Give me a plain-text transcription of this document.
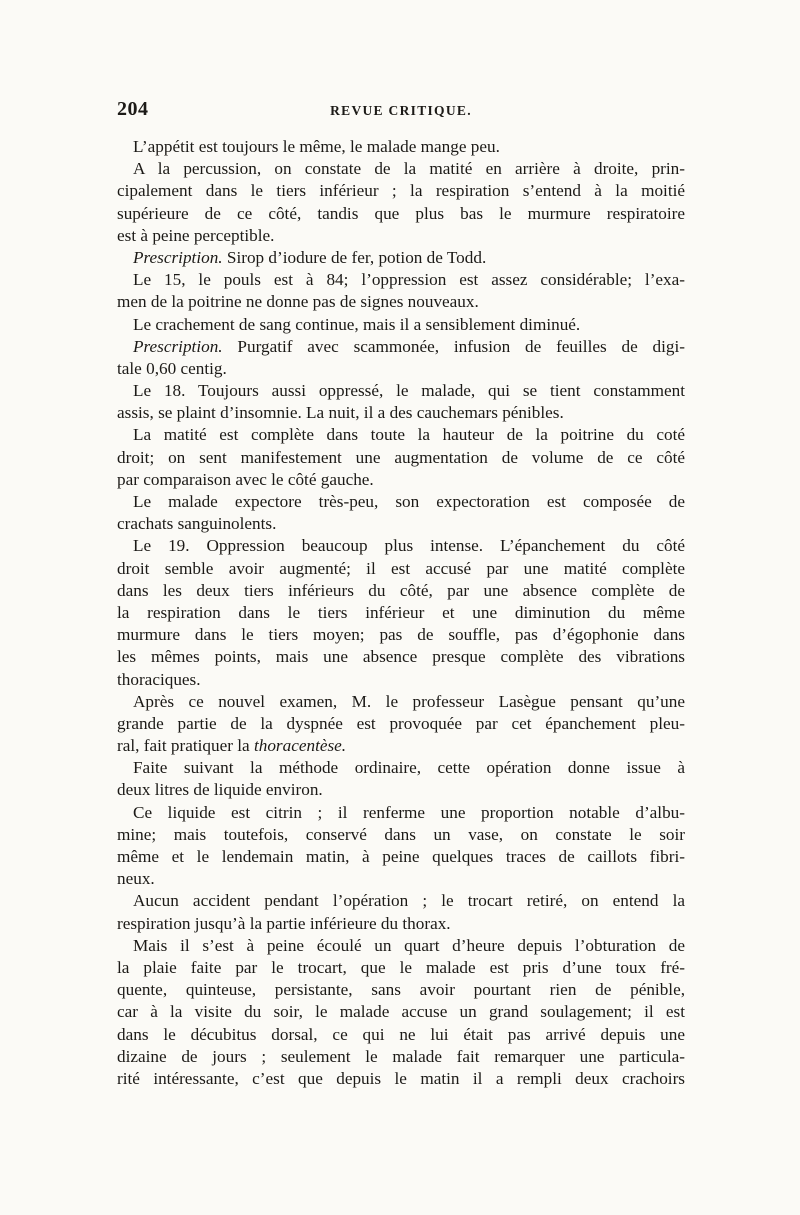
204	REVUE CRITIQUE.
L’appétit est toujours le même, le malade mange peu.
A la percussion, on constate de la matité en arrière à droite, prin-
cipalement dans le tiers inférieur ; la respiration s’entend à la moitié
supérieure de ce côté, tandis que plus bas le murmure respiratoire
est à peine perceptible.
Prescription. Sirop d’iodure de fer, potion de Todd.
Le 15, le pouls est à 84; l’oppression est assez considérable; l’exa-
men de la poitrine ne donne pas de signes nouveaux.
Le crachement de sang continue, mais il a sensiblement diminué.
Prescription. Purgatif avec scammonée, infusion de feuilles de digi-
tale 0,60 centig.
Le 18. Toujours aussi oppressé, le malade, qui se tient constamment
assis, se plaint d’insomnie. La nuit, il a des cauchemars pénibles.
La matité est complète dans toute la hauteur de la poitrine du coté
droit; on sent manifestement une augmentation de volume de ce côté
par comparaison avec le côté gauche.
Le malade expectore très-peu, son expectoration est composée de
crachats sanguinolents.
Le 19. Oppression beaucoup plus intense. L’épanchement du côté
droit semble avoir augmenté; il est accusé par une matité complète
dans les deux tiers inférieurs du côté, par une absence complète de
la respiration dans le tiers inférieur et une diminution du même
murmure dans le tiers moyen; pas de souffle, pas d’égophonie dans
les mêmes points, mais une absence presque complète des vibrations
thoraciques.
Après ce nouvel examen, M. le professeur Lasègue pensant qu’une
grande partie de la dyspnée est provoquée par cet épanchement pleu-
ral, fait pratiquer la thoracentèse.
Faite suivant la méthode ordinaire, cette opération donne issue à
deux litres de liquide environ.
Ce liquide est citrin ; il renferme une proportion notable d’albu-
mine; mais toutefois, conservé dans un vase, on constate le soir
même et le lendemain matin, à peine quelques traces de caillots fibri-
neux.
Aucun accident pendant l’opération ; le trocart retiré, on entend la
respiration jusqu’à la partie inférieure du thorax.
Mais il s’est à peine écoulé un quart d’heure depuis l’obturation de
la plaie faite par le trocart, que le malade est pris d’une toux fré-
quente, quinteuse, persistante, sans avoir pourtant rien de pénible,
car à la visite du soir, le malade accuse un grand soulagement; il est
dans le décubitus dorsal, ce qui ne lui était pas arrivé depuis une
dizaine de jours ; seulement le malade fait remarquer une particula-
rité intéressante, c’est que depuis le matin il a rempli deux crachoirs
